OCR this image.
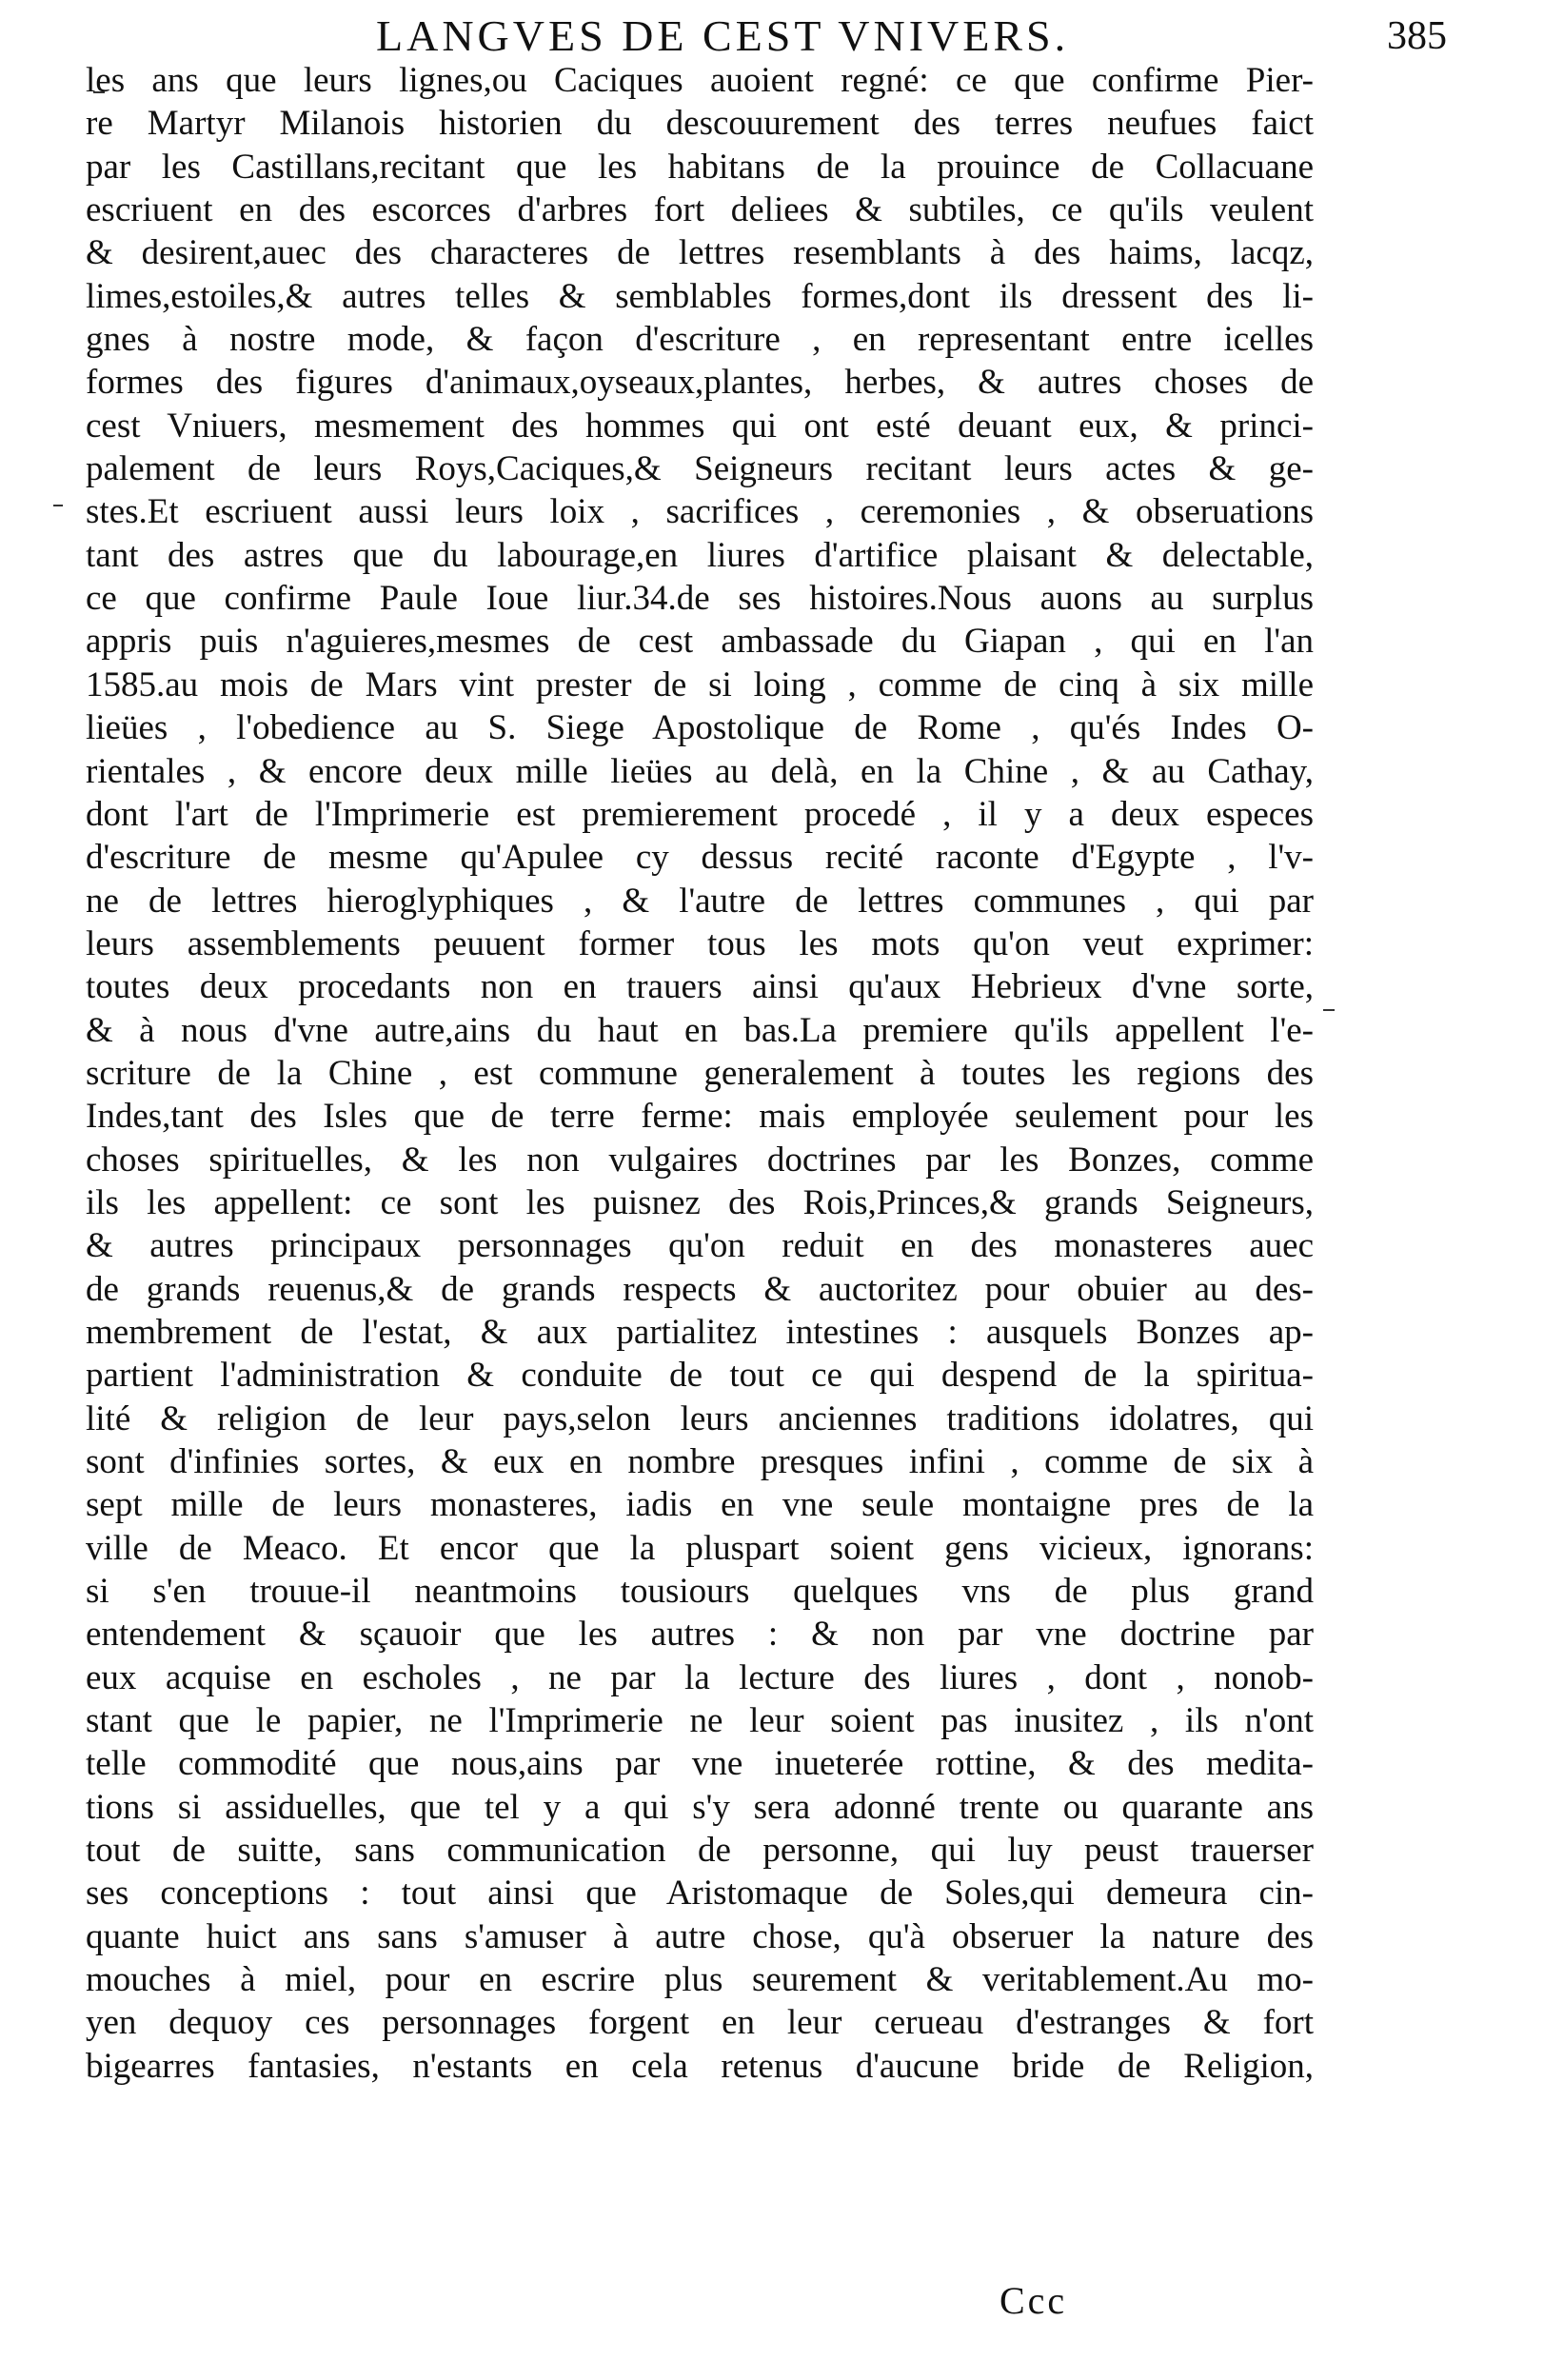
LANGVES DE CEST VNIVERS.	385
les ans que leurs lignes,ou Caciques auoient regné: ce que confirme Pier-
re Martyr Milanois historien du descouurement des terres neufues faict
par les Castillans,recitant que les habitans de la prouince de Collacuane
escriuent en des escorces d'arbres fort deliees & subtiles, ce qu'ils veulent
& desirent,auec des characteres de lettres resemblants à des haims, lacqz,
limes,estoiles,& autres telles & semblables formes,dont ils dressent des li-
gnes à nostre mode, & façon d'escriture , en representant entre icelles
formes des figures d'animaux,oyseaux,plantes, herbes, & autres choses de
cest Vniuers, mesmement des hommes qui ont esté deuant eux, & princi-
palement de leurs Roys,Caciques,& Seigneurs recitant leurs actes & ge-
stes.Et escriuent aussi leurs loix , sacrifices , ceremonies , & obseruations
tant des astres que du labourage,en liures d'artifice plaisant & delectable,
ce que confirme Paule Ioue liur.34.de ses histoires.Nous auons au surplus
appris puis n'aguieres,mesmes de cest ambassade du Giapan , qui en l'an
1585.au mois de Mars vint prester de si loing , comme de cinq à six mille
lieües , l'obedience au S. Siege Apostolique de Rome , qu'és Indes O-
rientales , & encore deux mille lieües au delà, en la Chine , & au Cathay,
dont l'art de l'Imprimerie est premierement procedé , il y a deux especes
d'escriture de mesme qu'Apulee cy dessus recité raconte d'Egypte , l'v-
ne de lettres hieroglyphiques , & l'autre de lettres communes , qui par
leurs assemblements peuuent former tous les mots qu'on veut exprimer:
toutes deux procedants non en trauers ainsi qu'aux Hebrieux d'vne sorte,
& à nous d'vne autre,ains du haut en bas.La premiere qu'ils appellent l'e-
scriture de la Chine , est commune generalement à toutes les regions des
Indes,tant des Isles que de terre ferme: mais employée seulement pour les
choses spirituelles, & les non vulgaires doctrines par les Bonzes, comme
ils les appellent: ce sont les puisnez des Rois,Princes,& grands Seigneurs,
& autres principaux personnages qu'on reduit en des monasteres auec
de grands reuenus,& de grands respects & auctoritez pour obuier au des-
membrement de l'estat, & aux partialitez intestines : ausquels Bonzes ap-
partient l'administration & conduite de tout ce qui despend de la spiritua-
lité & religion de leur pays,selon leurs anciennes traditions idolatres, qui
sont d'infinies sortes, & eux en nombre presques infini , comme de six à
sept mille de leurs monasteres, iadis en vne seule montaigne pres de la
ville de Meaco. Et encor que la pluspart soient gens vicieux, ignorans:
si s'en trouue-il neantmoins tousiours quelques vns de plus grand
entendement & sçauoir que les autres : & non par vne doctrine par
eux acquise en escholes , ne par la lecture des liures , dont , nonob-
stant que le papier, ne l'Imprimerie ne leur soient pas inusitez , ils n'ont
telle commodité que nous,ains par vne inueterée rottine, & des medita-
tions si assiduelles, que tel y a qui s'y sera adonné trente ou quarante ans
tout de suitte, sans communication de personne, qui luy peust trauerser
ses conceptions : tout ainsi que Aristomaque de Soles,qui demeura cin-
quante huict ans sans s'amuser à autre chose, qu'à obseruer la nature des
mouches à miel, pour en escrire plus seurement & veritablement.Au mo-
yen dequoy ces personnages forgent en leur cerueau d'estranges & fort
bigearres fantasies, n'estants en cela retenus d'aucune bride de Religion,
Ccc
